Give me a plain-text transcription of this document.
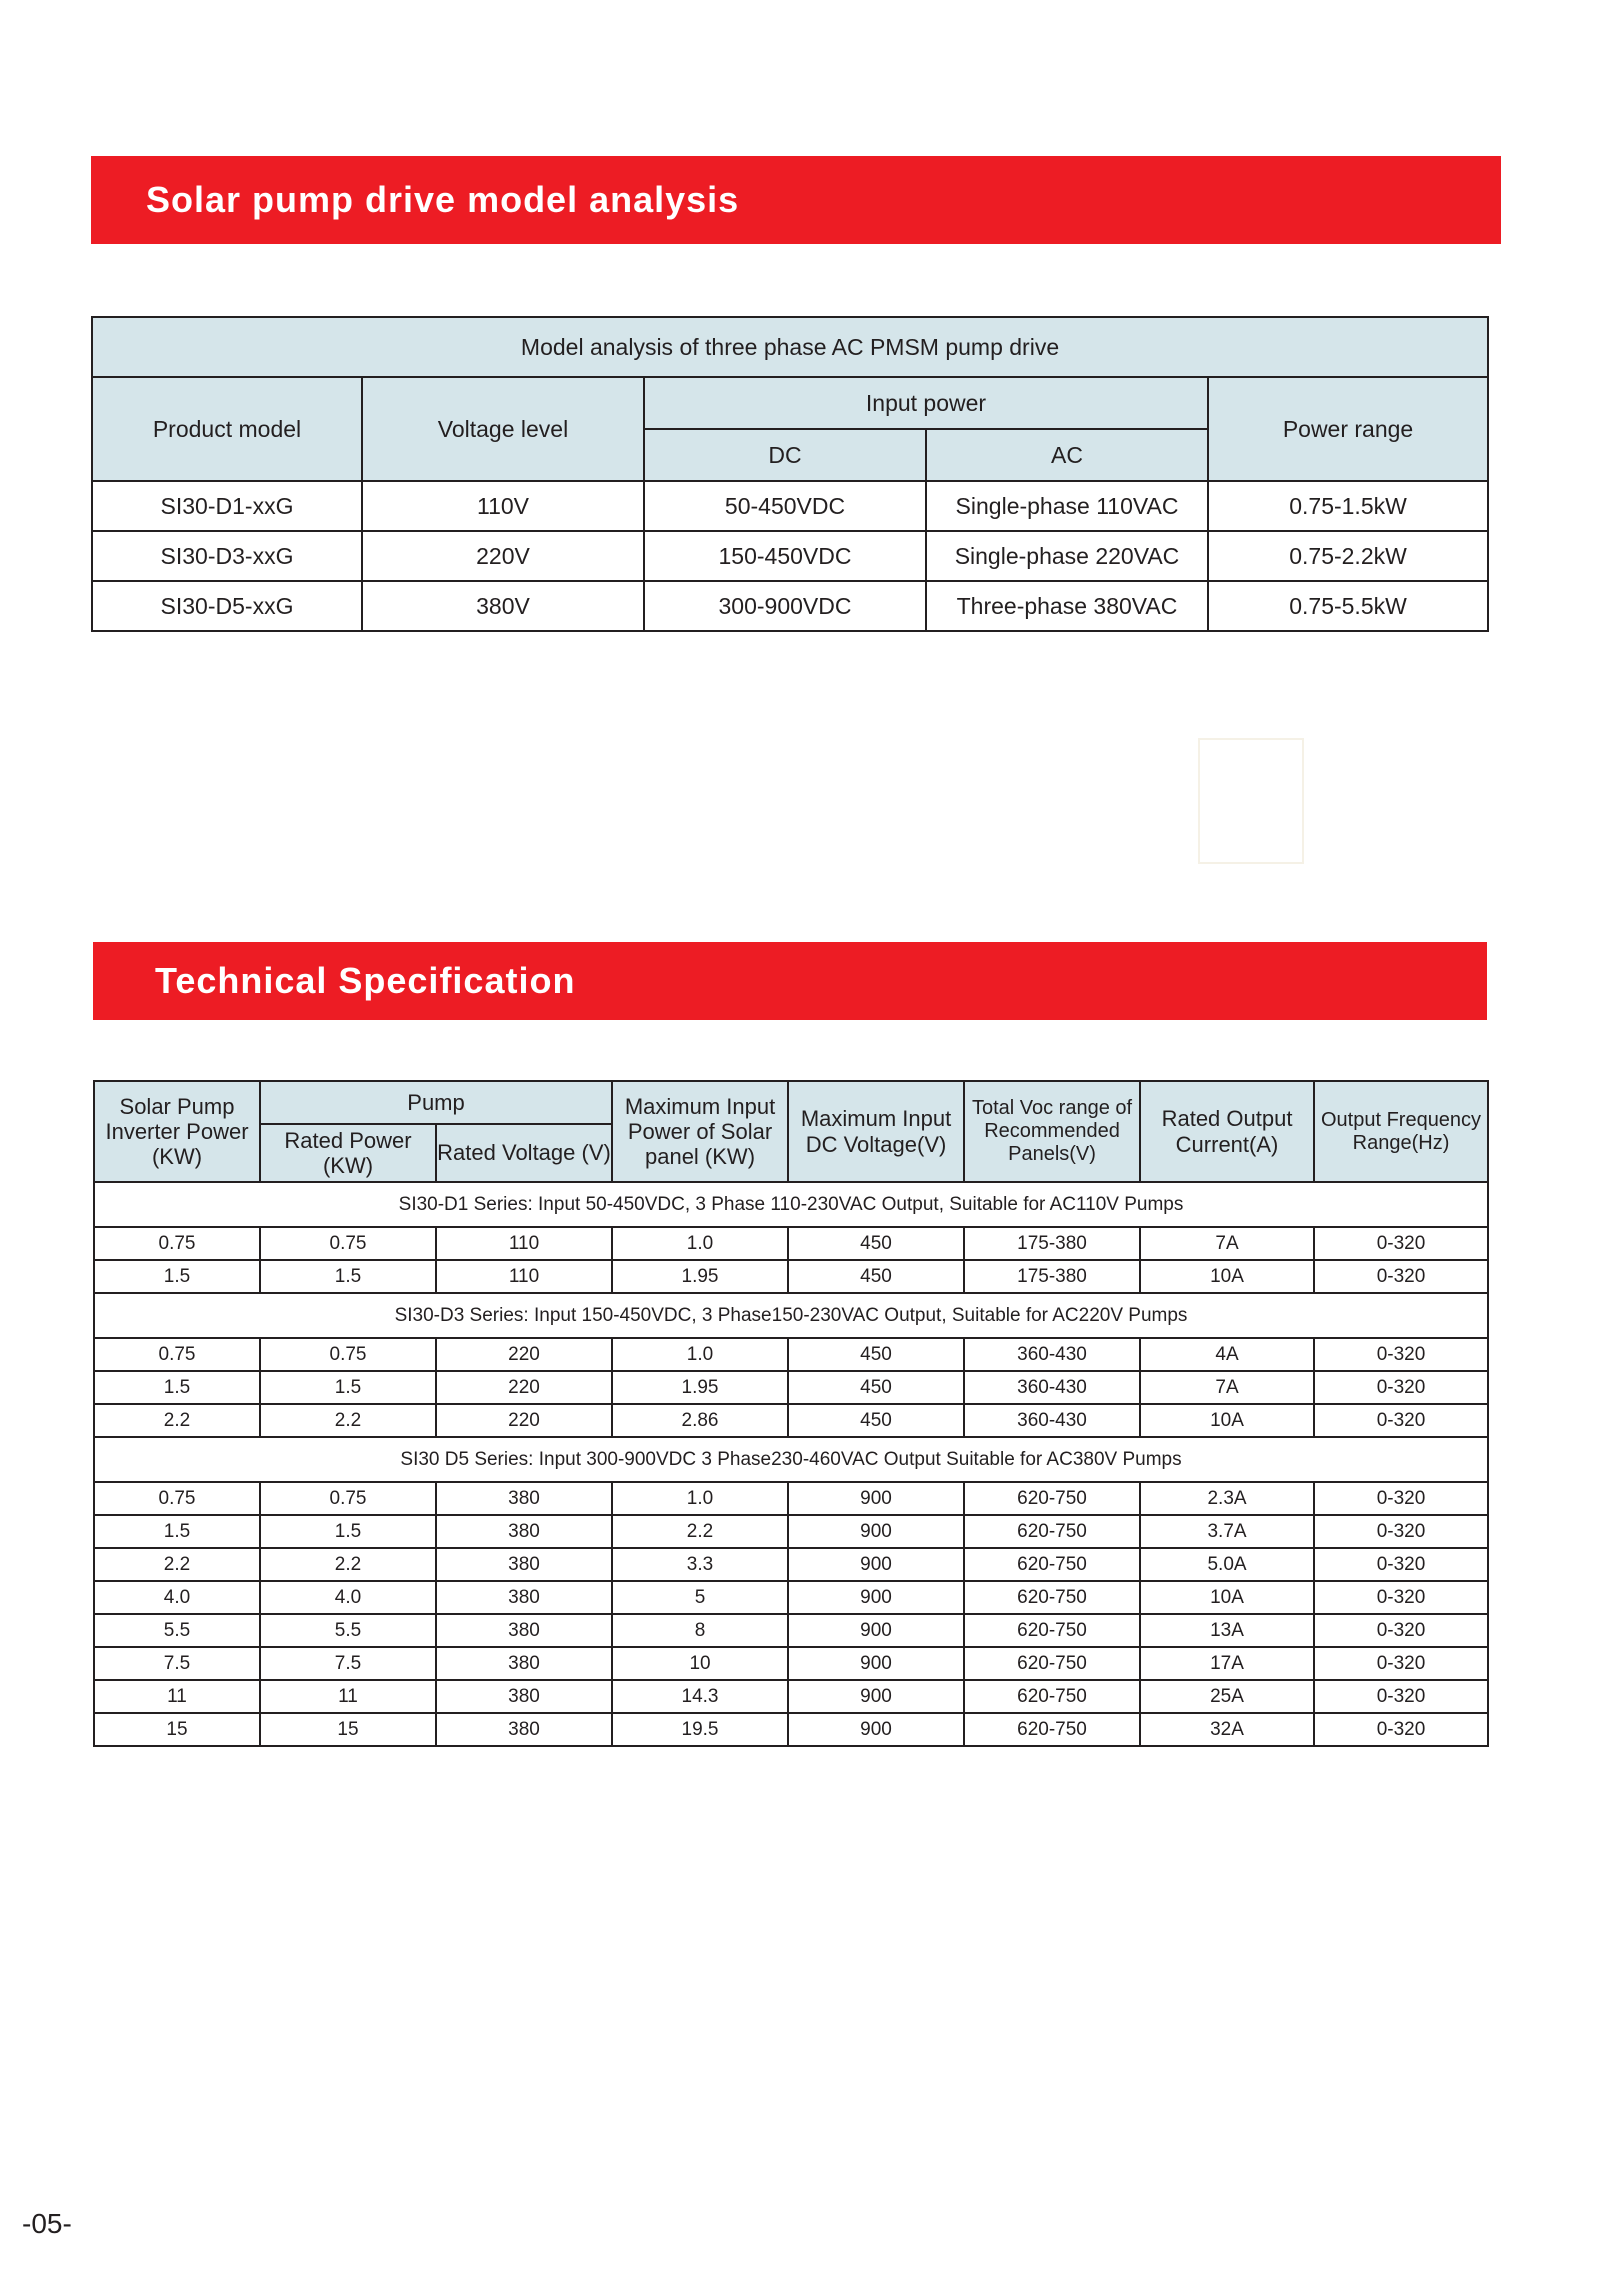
Solar pump drive model analysis
Model analysis of three phase AC PMSM pump drive				
Product model	Voltage level	Input power		Power range
		DC	AC	
SI30-D1-xxG	110V	50-450VDC	Single-phase 110VAC	0.75-1.5kW
SI30-D3-xxG	220V	150-450VDC	Single-phase 220VAC	0.75-2.2kW
SI30-D5-xxG	380V	300-900VDC	Three-phase 380VAC	0.75-5.5kW
Technical Specification
Solar Pump Inverter Power (KW)	Pump		Maximum Input Power of Solar panel (KW)	Maximum Input DC Voltage(V)	Total Voc range of Recommended Panels(V)	Rated Output Current(A)	Output Frequency Range(Hz)
	Rated Power (KW)	Rated Voltage (V)					
SI30-D1 Series: Input 50-450VDC, 3 Phase 110-230VAC Output, Suitable for AC110V Pumps							
0.75	0.75	110	1.0	450	175-380	7A	0-320
1.5	1.5	110	1.95	450	175-380	10A	0-320
SI30-D3 Series: Input 150-450VDC, 3 Phase150-230VAC Output, Suitable for AC220V Pumps							
0.75	0.75	220	1.0	450	360-430	4A	0-320
1.5	1.5	220	1.95	450	360-430	7A	0-320
2.2	2.2	220	2.86	450	360-430	10A	0-320
SI30 D5 Series: Input 300-900VDC 3 Phase230-460VAC Output Suitable for AC380V Pumps							
0.75	0.75	380	1.0	900	620-750	2.3A	0-320
1.5	1.5	380	2.2	900	620-750	3.7A	0-320
2.2	2.2	380	3.3	900	620-750	5.0A	0-320
4.0	4.0	380	5	900	620-750	10A	0-320
5.5	5.5	380	8	900	620-750	13A	0-320
7.5	7.5	380	10	900	620-750	17A	0-320
11	11	380	14.3	900	620-750	25A	0-320
15	15	380	19.5	900	620-750	32A	0-320
-05-
